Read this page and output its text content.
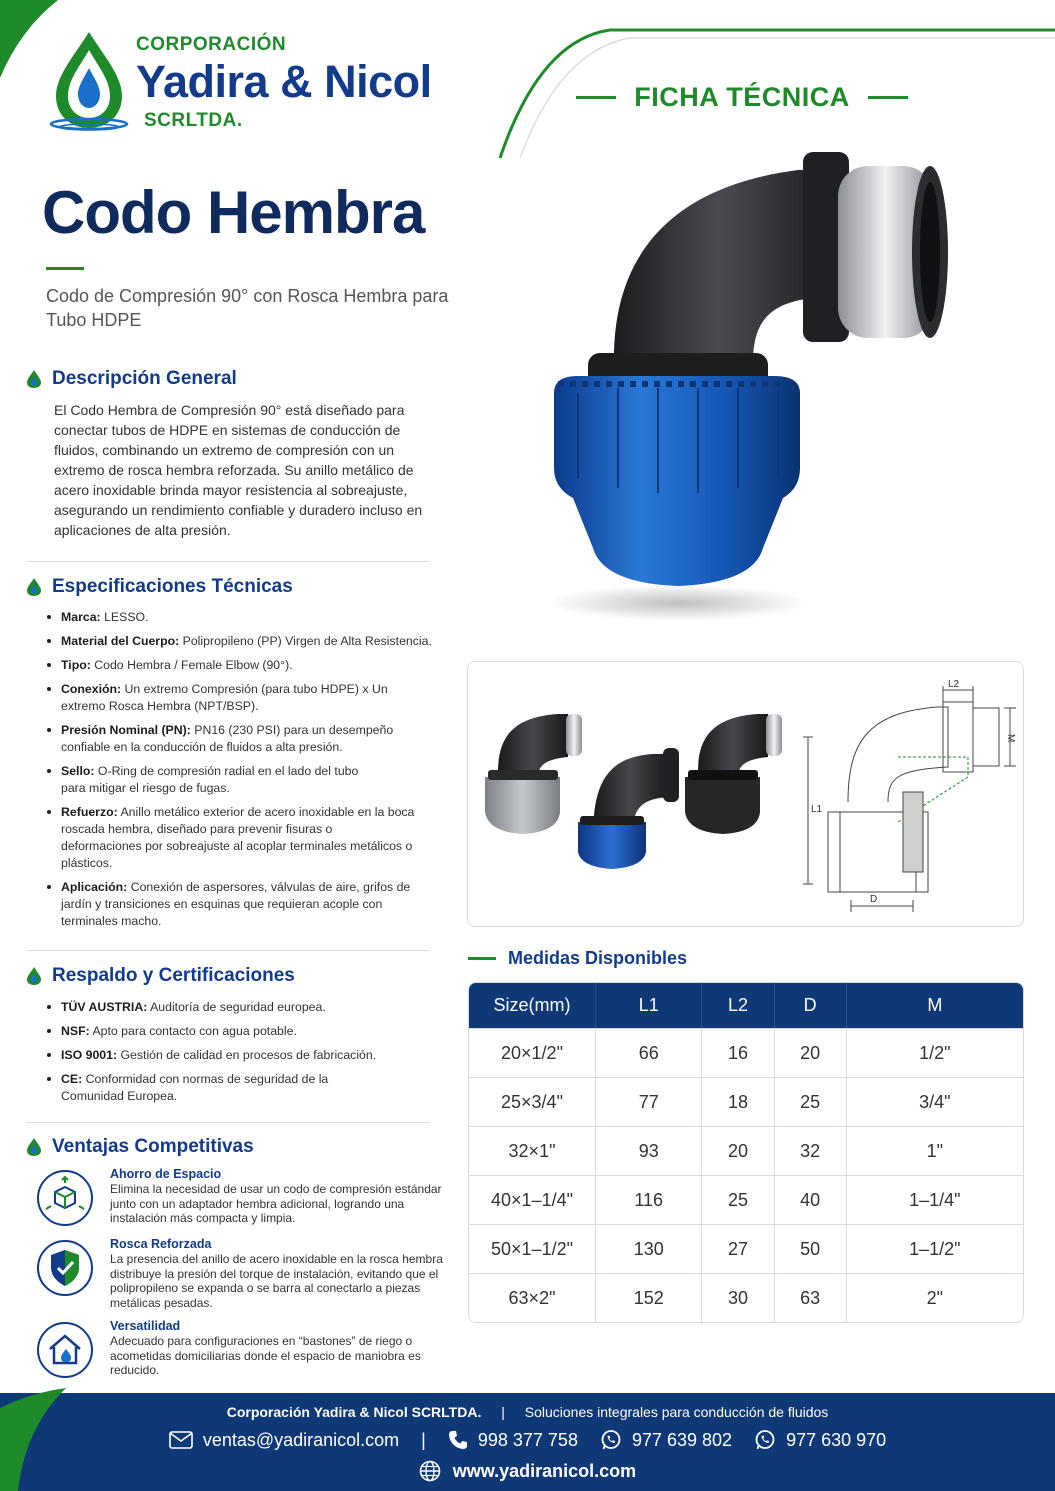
CORPORACIÓN
Yadira & Nicol
SCRLTDA.
FICHA TÉCNICA
Codo Hembra
Codo de Compresión 90° con Rosca Hembra para Tubo HDPE
Descripción General
El Codo Hembra de Compresión 90° está diseñado para conectar tubos de HDPE en sistemas de conducción de fluidos, combinando un extremo de compresión con un extremo de rosca hembra reforzada. Su anillo metálico de acero inoxidable brinda mayor resistencia al sobreajuste, asegurando un rendimiento confiable y duradero incluso en aplicaciones de alta presión.
Especificaciones Técnicas
Marca: LESSO.
Material del Cuerpo: Polipropileno (PP) Virgen de Alta Resistencia.
Tipo: Codo Hembra / Female Elbow (90°).
Conexión: Un extremo Compresión (para tubo HDPE) x Un extremo Rosca Hembra (NPT/BSP).
Presión Nominal (PN): PN16 (230 PSI) para un desempeño confiable en la conducción de fluidos a alta presión.
Sello: O-Ring de compresión radial en el lado del tubo para mitigar el riesgo de fugas.
Refuerzo: Anillo metálico exterior de acero inoxidable en la boca roscada hembra, diseñado para prevenir fisuras o deformaciones por sobreajuste al acoplar terminales metálicos o plásticos.
Aplicación: Conexión de aspersores, válvulas de aire, grifos de jardín y transiciones en esquinas que requieran acople con terminales macho.
Respaldo y Certificaciones
TÜV AUSTRIA: Auditoría de seguridad europea.
NSF: Apto para contacto con agua potable.
ISO 9001: Gestión de calidad en procesos de fabricación.
CE: Conformidad con normas de seguridad de la Comunidad Europea.
Ventajas Competitivas
Ahorro de Espacio
Elimina la necesidad de usar un codo de compresión estándar junto con un adaptador hembra adicional, logrando una instalación más compacta y limpia.
Rosca Reforzada
La presencia del anillo de acero inoxidable en la rosca hembra distribuye la presión del torque de instalación, evitando que el polipropileno se expanda o se barra al conectarlo a piezas metálicas pesadas.
Versatilidad
Adecuado para configuraciones en “bastones” de riego o acometidas domiciliarias donde el espacio de maniobra es reducido.
L2
L1
D
M
Medidas Disponibles
Size(mm)	L1	L2	D	M
20×1/2"	66	16	20	1/2"
25×3/4"	77	18	25	3/4"
32×1"	93	20	32	1"
40×1–1/4"	116	25	40	1–1/4"
50×1–1/2"	130	27	50	1–1/2"
63×2"	152	30	63	2"
Corporación Yadira & Nicol SCRLTDA. | Soluciones integrales para conducción de fluidos
ventas@yadiranicol.com |	998 377 758	977 639 802	977 630 970
www.yadiranicol.com
